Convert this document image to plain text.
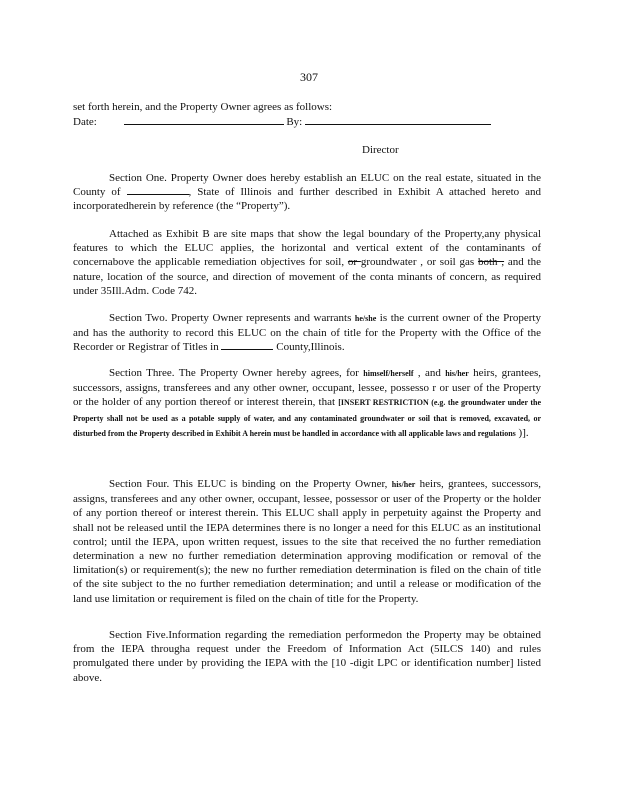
307
set forth herein, and the Property Owner agrees as follows:
Date:	By:
Director

Section One. Property Owner does hereby establish an ELUC on the real estate, situated in the County of	, State of Illinois and further described in Exhibit A attached hereto and incorporatedherein by reference (the “Property”).

Attached as Exhibit B are site maps that show the legal boundary of the Property,any physical features to which the ELUC applies, the horizontal and vertical extent of the contaminants of concernabove the applicable remediation objectives for soil, or groundwater , or soil gas both , and the nature, location of the source, and direction of movement of the conta minants of concern, as required under 35Ill.Adm. Code 742.

Section Two. Property Owner represents and warrants he/she is the current owner of the Property and has the authority to record this ELUC on the chain of title for the Property with the Office of the Recorder or Registrar of Titles in	County,Illinois.

Section Three. The Property Owner hereby agrees, for himself/herself , and his/her heirs, grantees, successors, assigns, transferees and any other owner, occupant, lessee, possesso r or user of the Property or the holder of any portion thereof or interest therein, that [INSERT RESTRICTION (e.g. the groundwater under the Property shall not be used as a potable supply of water, and any contaminated groundwater or soil that is removed, excavated, or disturbed from the Property described in Exhibit A herein must be handled in accordance with all applicable laws and regulations )].

Section Four. This ELUC is binding on the Property Owner, his/her heirs, grantees, successors, assigns, transferees and any other owner, occupant, lessee, possessor or user of the Property or the holder of any portion thereof or interest therein. This ELUC shall apply in perpetuity against the Property and shall not be released until the IEPA determines there is no longer a need for this ELUC as an institutional control; until the IEPA, upon written request, issues to the site that received the no further remediation determination a new no further remediation determination approving modification or removal of the limitation(s) or requirement(s); the new no further remediation determination is filed on the chain of title of the site subject to the no further remediation determination; and until a release or modification of the land use limitation or requirement is filed on the chain of title for the Property.

Section Five.Information regarding the remediation performedon the Property may be obtained from the IEPA througha request under the Freedom of Information Act (5ILCS 140) and rules promulgated there under by providing the IEPA with the [10 -digit LPC or identification number] listed above.
